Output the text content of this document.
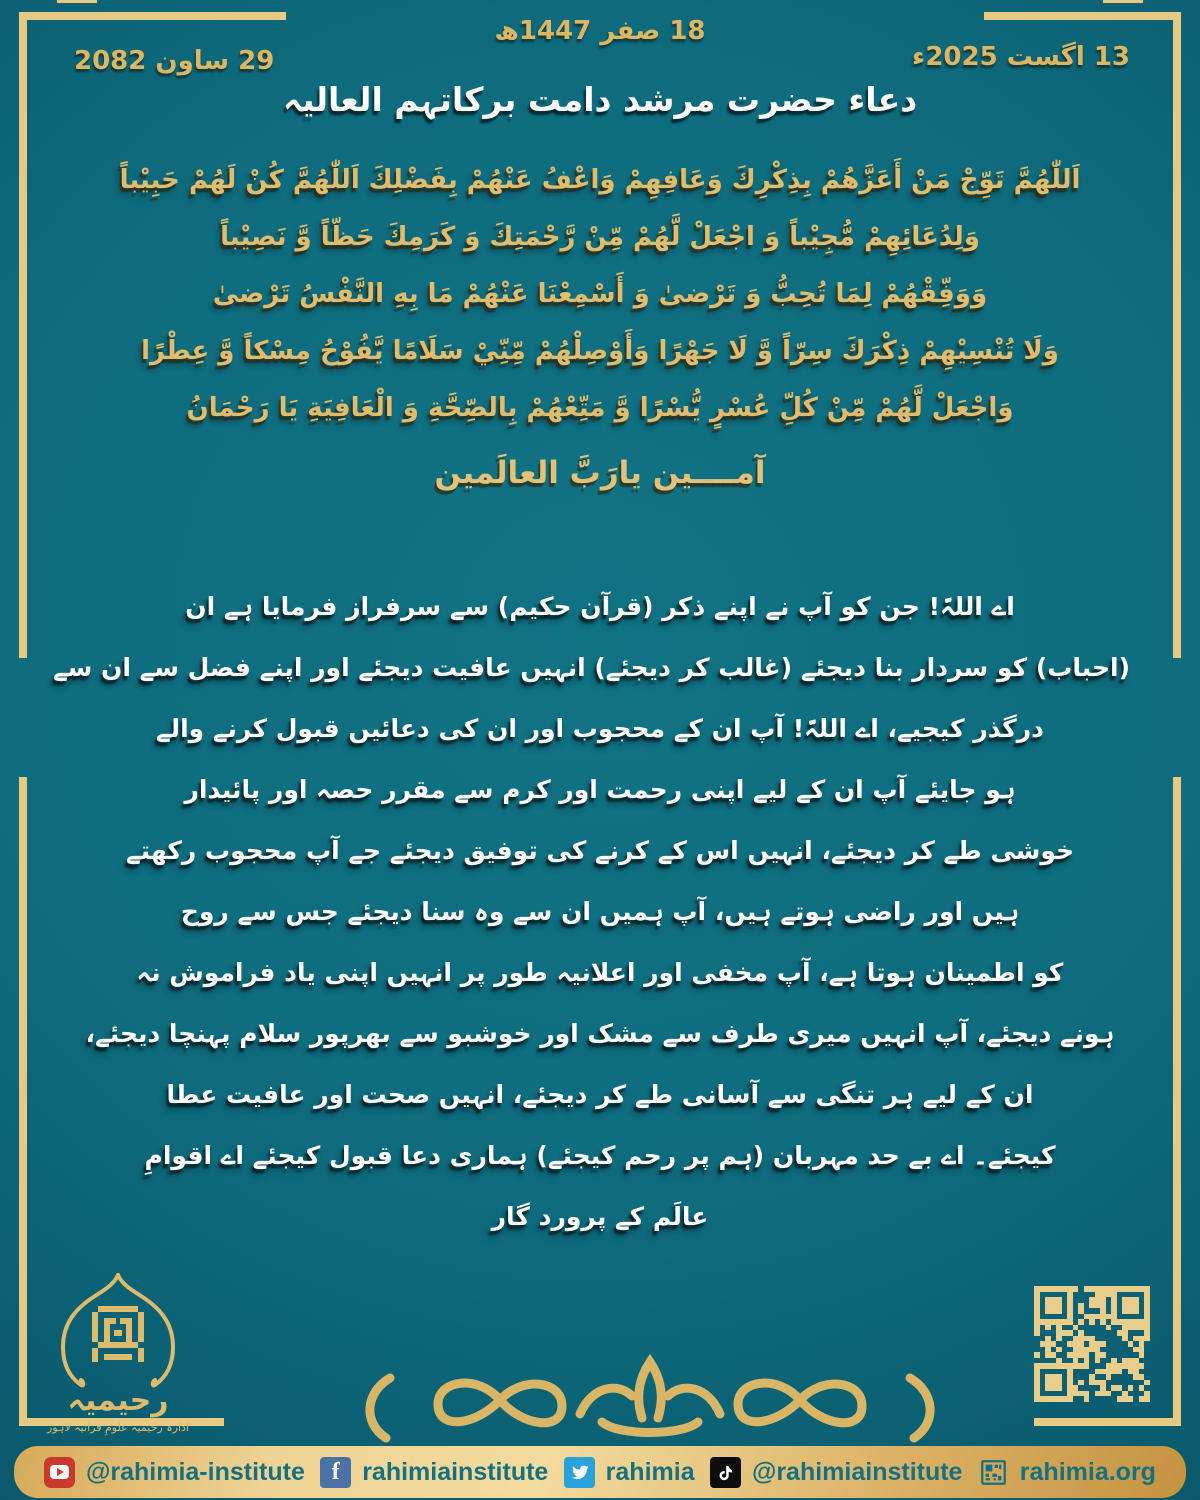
18 صفر 1447ھ
13 اگست 2025ء
29 ساون 2082
دعاء حضرت مرشد دامت برکاتہم العالیہ
اَللّٰهُمَّ تَوِّجْ مَنْ أَعَزَّهُمْ بِذِكْرِكَ وَعَافِهِمْ وَاعْفُ عَنْهُمْ بِفَضْلِكَ اَللّٰهُمَّ كُنْ لَهُمْ حَبِيْباً
وَلِدُعَائِهِمْ مُّجِيْباً وَ اجْعَلْ لَّهُمْ مِّنْ رَّحْمَتِكَ وَ كَرَمِكَ حَظّاً وَّ نَصِيْباً
وَوَفِّقْهُمْ لِمَا تُحِبُّ وَ تَرْضىٰ وَ أَسْمِعْنَا عَنْهُمْ مَا بِهِ النَّفْسُ تَرْضىٰ
وَلَا تُنْسِيْهِمْ ذِكْرَكَ سِرّاً وَّ لَا جَهْرًا وَأَوْصِلْهُمْ مِّنِّيْ سَلَامًا يَّفُوْحُ مِسْكاً وَّ عِطْرًا
وَاجْعَلْ لَّهُمْ مِّنْ كُلِّ عُسْرٍ يُّسْرًا وَّ مَتِّعْهُمْ بِالصِّحَّةِ وَ الْعَافِيَةِ يَا رَحْمَانُ
آمــــين يارَبَّ العالَمين
اے اللہّ! جن کو آپ نے اپنے ذکر (قرآن حکیم) سے سرفراز فرمایا ہے ان
(احباب) کو سردار بنا دیجئے (غالب کر دیجئے) انہیں عافیت دیجئے اور اپنے فضل سے ان سے
درگذر کیجیے، اے اللہّ! آپ ان کے محجوب اور ان کی دعائیں قبول کرنے والے
ہو جایئے آپ ان کے لیے اپنی رحمت اور کرم سے مقرر حصہ اور پائیدار
خوشی طے کر دیجئے، انہیں اس کے کرنے کی توفیق دیجئے جے آپ محجوب رکھتے
ہیں اور راضی ہوتے ہیں، آپ ہمیں ان سے وہ سنا دیجئے جس سے روح
کو اطمینان ہوتا ہے، آپ مخفی اور اعلانیہ طور پر انہیں اپنی یاد فراموش نہ
ہونے دیجئے، آپ انہیں میری طرف سے مشک اور خوشبو سے بھرپور سلام پہنچا دیجئے،
ان کے لیے ہر تنگی سے آسانی طے کر دیجئے، انہیں صحت اور عافیت عطا
کیجئے۔ اے بے حد مہربان (ہم پر رحم کیجئے) ہماری دعا قبول کیجئے اے اقوامِ
عالَم کے پرورد گار
رحیمیہ
ادارہ رحیمیہ علومِ قرآنیہ لاہور
@rahimia-institute	f rahimiainstitute rahimia @rahimiainstitute rahimia.org
